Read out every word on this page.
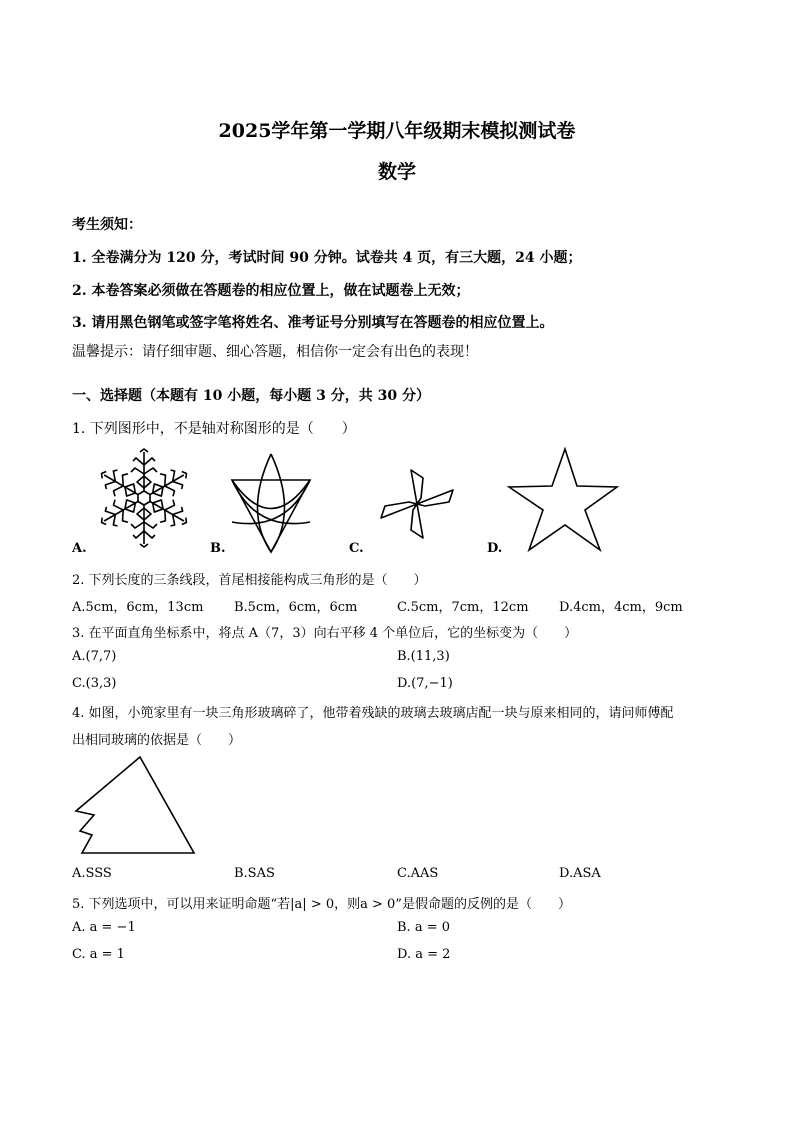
2025学年第一学期八年级期末模拟测试卷
数学
考生须知：
1. 全卷满分为 120 分，考试时间 90 分钟。试卷共 4 页，有三大题，24 小题；
2. 本卷答案必须做在答题卷的相应位置上，做在试题卷上无效；
3. 请用黑色钢笔或签字笔将姓名、准考证号分别填写在答题卷的相应位置上。
温馨提示：请仔细审题、细心答题，相信你一定会有出色的表现！
一、选择题（本题有 10 小题，每小题 3 分，共 30 分）
1. 下列图形中，不是轴对称图形的是（　　）
A.	B.	C.	D.
2. 下列长度的三条线段，首尾相接能构成三角形的是（　　）
A.5cm，6cm，13cm B.5cm，6cm，6cm	C.5cm，7cm，12cm D.4cm，4cm，9cm
3. 在平面直角坐标系中，将点 A（7，3）向右平移 4 个单位后，它的坐标变为（　　）
A.(7,7)	B.(11,3)
C.(3,3)	D.(7,−1)
4. 如图，小篼家里有一块三角形玻璃碎了，他带着残缺的玻璃去玻璃店配一块与原来相同的，请问师傅配
出相同玻璃的依据是（　　）
A.SSS	B.SAS	C.AAS	D.ASA
5. 下列选项中，可以用来证明命题“若|a| > 0，则a > 0”是假命题的反例的是（　　）
A. a = −1	B. a = 0
C. a = 1	D. a = 2
